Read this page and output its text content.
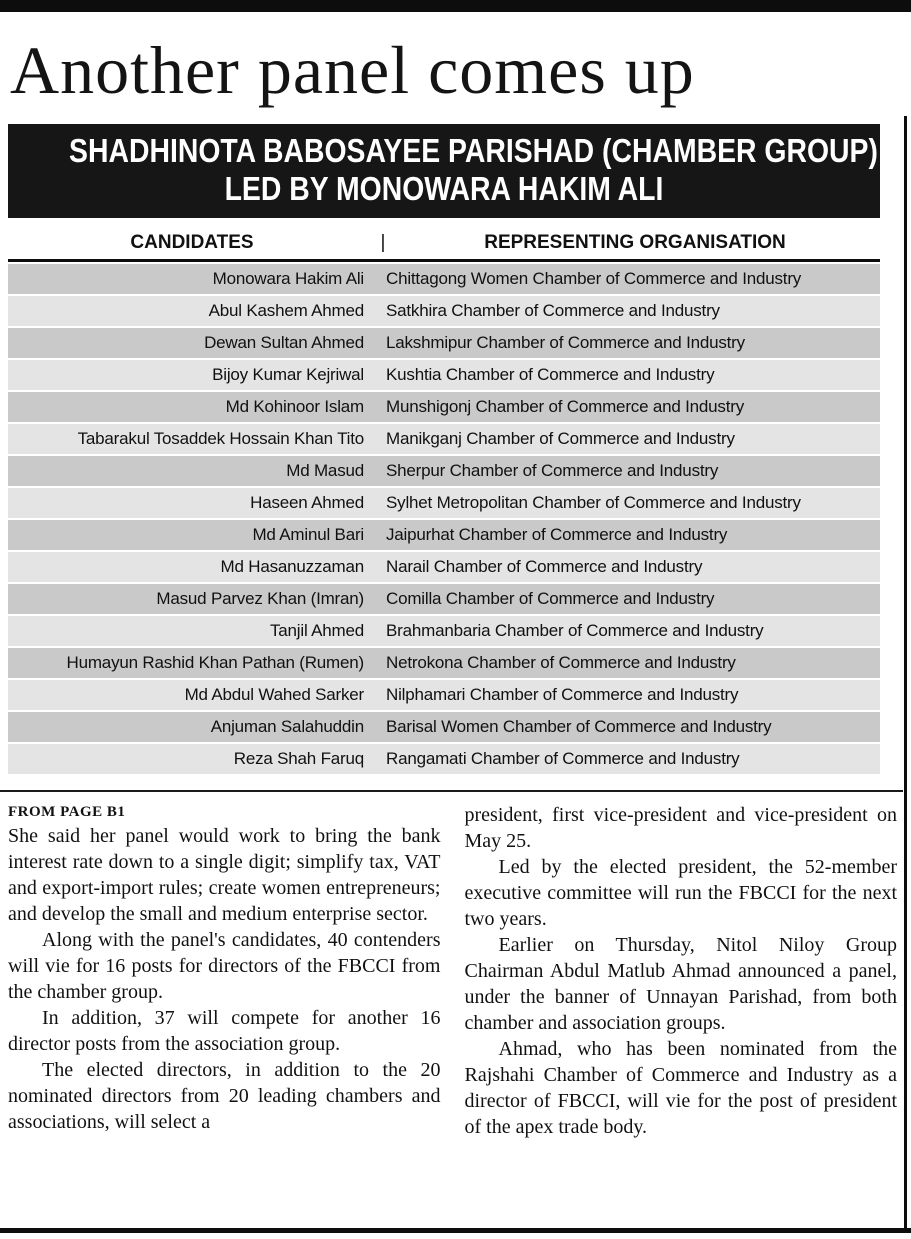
Another panel comes up
SHADHINOTA BABOSAYEE PARISHAD (CHAMBER GROUP)
LED BY MONOWARA HAKIM ALI
CANDIDATES	|	REPRESENTING ORGANISATION
Monowara Hakim Ali	Chittagong Women Chamber of Commerce and Industry
Abul Kashem Ahmed	Satkhira Chamber of Commerce and Industry
Dewan Sultan Ahmed	Lakshmipur Chamber of Commerce and Industry
Bijoy Kumar Kejriwal	Kushtia Chamber of Commerce and Industry
Md Kohinoor Islam	Munshigonj Chamber of Commerce and Industry
Tabarakul Tosaddek Hossain Khan Tito	Manikganj Chamber of Commerce and Industry
Md Masud	Sherpur Chamber of Commerce and Industry
Haseen Ahmed	Sylhet Metropolitan Chamber of Commerce and Industry
Md Aminul Bari	Jaipurhat Chamber of Commerce and Industry
Md Hasanuzzaman	Narail Chamber of Commerce and Industry
Masud Parvez Khan (Imran)	Comilla Chamber of Commerce and Industry
Tanjil Ahmed	Brahmanbaria Chamber of Commerce and Industry
Humayun Rashid Khan Pathan (Rumen)	Netrokona Chamber of Commerce and Industry
Md Abdul Wahed Sarker	Nilphamari Chamber of Commerce and Industry
Anjuman Salahuddin	Barisal Women Chamber of Commerce and Industry
Reza Shah Faruq	Rangamati Chamber of Commerce and Industry
FROM PAGE B1

She said her panel would work to bring the bank interest rate down to a single digit; simplify tax, VAT and export-import rules; create women entrepreneurs; and develop the small and medium enterprise sector.

Along with the panel's candidates, 40 contenders will vie for 16 posts for directors of the FBCCI from the chamber group.

In addition, 37 will compete for another 16 director posts from the association group.

The elected directors, in addition to the 20 nominated directors from 20 leading chambers and associations, will select a

president, first vice-president and vice-president on May 25.

Led by the elected president, the 52-member executive committee will run the FBCCI for the next two years.

Earlier on Thursday, Nitol Niloy Group Chairman Abdul Matlub Ahmad announced a panel, under the banner of Unnayan Parishad, from both chamber and association groups.

Ahmad, who has been nominated from the Rajshahi Chamber of Commerce and Industry as a director of FBCCI, will vie for the post of president of the apex trade body.
